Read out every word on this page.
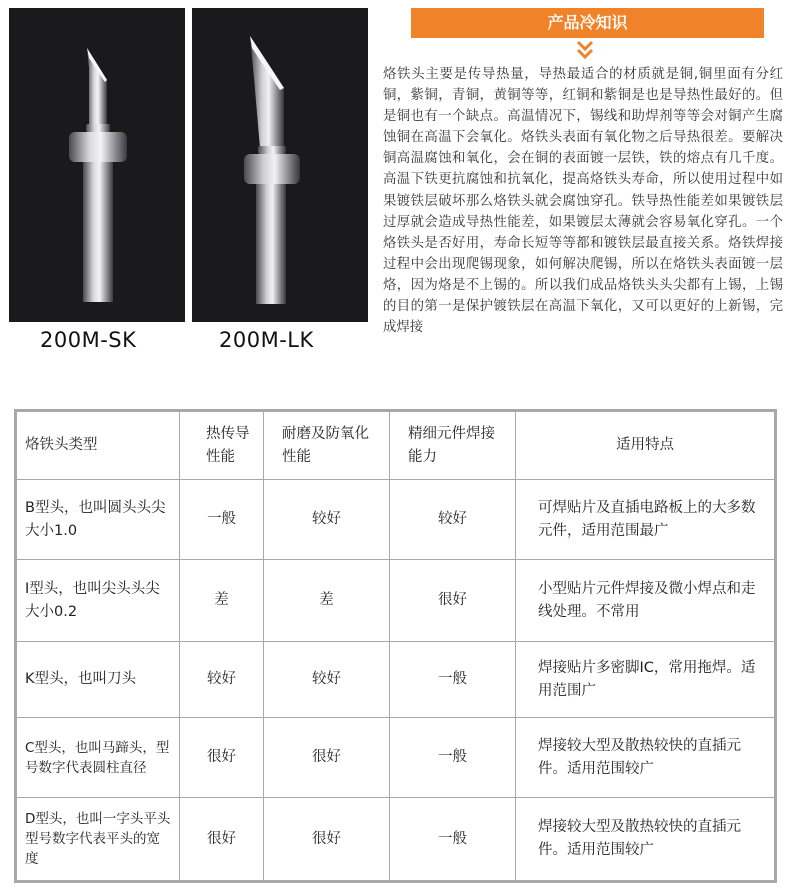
200M-SK	200M-LK
产品冷知识

烙铁头主要是传导热量，导热最适合的材质就是铜,铜里面有分红铜，紫铜，青铜，黄铜等等，红铜和紫铜是也是导热性最好的。但是铜也有一个缺点。高温情况下，锡线和助焊剂等等会对铜产生腐蚀铜在高温下会氧化。烙铁头表面有氧化物之后导热很差。要解决铜高温腐蚀和氧化，会在铜的表面镀一层铁，铁的熔点有几千度。高温下铁更抗腐蚀和抗氧化，提高烙铁头寿命，所以使用过程中如果镀铁层破坏那么烙铁头就会腐蚀穿孔。铁导热性能差如果镀铁层过厚就会造成导热性能差，如果镀层太薄就会容易氧化穿孔。一个烙铁头是否好用，寿命长短等等都和镀铁层最直接关系。烙铁焊接过程中会出现爬锡现象，如何解决爬锡，所以在烙铁头表面镀一层烙，因为烙是不上锡的。所以我们成品烙铁头头尖都有上锡，上锡的目的第一是保护镀铁层在高温下氧化，又可以更好的上新锡，完成焊接

烙铁头类型	热传导性能	耐磨及防氧化性能	精细元件焊接能力	适用特点
B型头，也叫圆头头尖大小1.0	一般	较好	较好	可焊贴片及直插电路板上的大多数元件，适用范围最广
I型头，也叫尖头头尖大小0.2	差	差	很好	小型贴片元件焊接及微小焊点和走线处理。不常用
K型头，也叫刀头	较好	较好	一般	焊接贴片多密脚IC，常用拖焊。适用范围广
C型头，也叫马蹄头，型号数字代表圆柱直径	很好	很好	一般	焊接较大型及散热较快的直插元件。适用范围较广
D型头，也叫一字头平头型号数字代表平头的宽度	很好	很好	一般	焊接较大型及散热较快的直插元件。适用范围较广
